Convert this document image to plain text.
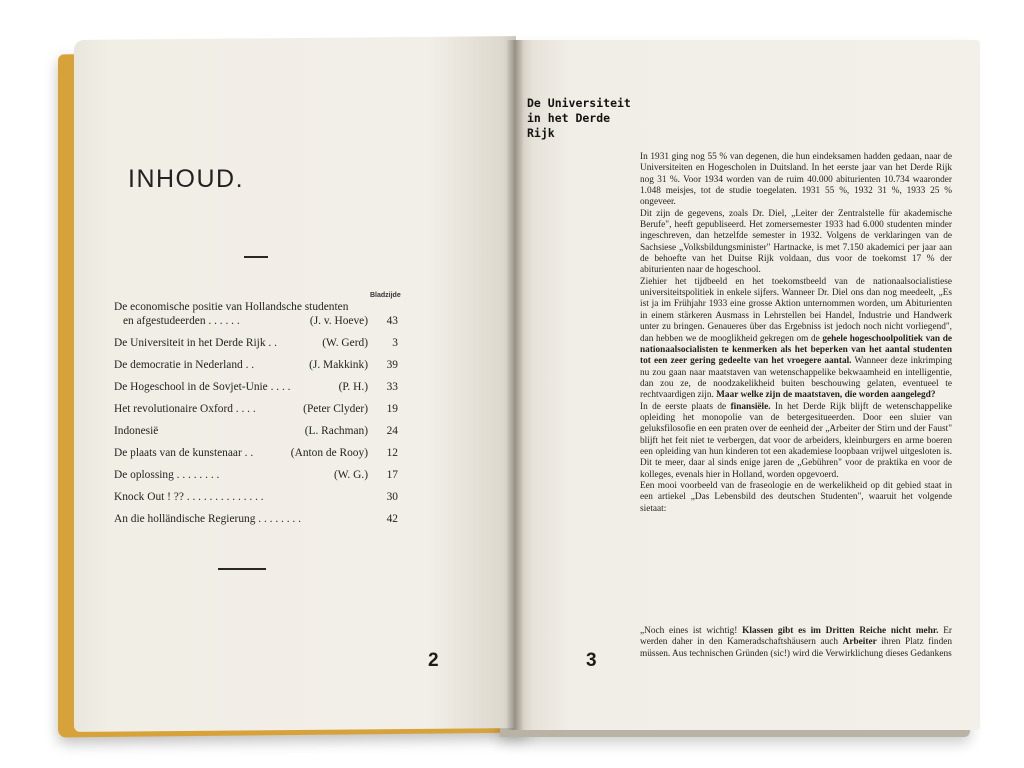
INHOUD.
Bladzijde
De economische positie van Hollandsche studenten
en afgestudeerden . . . . . .	(J. v. Hoeve)	43
De Universiteit in het Derde Rijk . .	(W. Gerd)	3
De democratie in Nederland . .	(J. Makkink)	39
De Hogeschool in de Sovjet-Unie . . . .	(P. H.)	33
Het revolutionaire Oxford . . . .	(Peter Clyder)	19
Indonesië	(L. Rachman)	24
De plaats van de kunstenaar . .	(Anton de Rooy)	12
De oplossing . . . . . . . .	(W. G.)	17
Knock Out ! ?? . . . . . . . . . . . . . .	30
An die holländische Regierung . . . . . . . .	42
2
De Universiteit
in het Derde
Rijk

In 1931 ging nog 55 % van degenen, die hun eindeksamen hadden gedaan, naar de Universiteiten en Hogescholen in Duitsland. In het eerste jaar van het Derde Rijk nog 31 %. Voor 1934 worden van de ruim 40.000 abiturienten 10.734 waaronder 1.048 meisjes, tot de studie toegelaten. 1931 55 %, 1932 31 %, 1933 25 % ongeveer.

Dit zijn de gegevens, zoals Dr. Diel, „Leiter der Zentralstelle für akademische Berufe", heeft gepubliseerd. Het zomersemester 1933 had 6.000 studenten minder ingeschreven, dan hetzelfde semester in 1932. Volgens de verklaringen van de Sachsiese „Volksbildungsminister" Hartnacke, is met 7.150 akademici per jaar aan de behoefte van het Duitse Rijk voldaan, dus voor de toekomst 17 % der abiturienten naar de hogeschool.

Ziehier het tijdbeeld en het toekomstbeeld van de nationaalsocialistiese universiteitspolitiek in enkele sijfers. Wanneer Dr. Diel ons dan nog meedeelt, „Es ist ja im Frühjahr 1933 eine grosse Aktion unternommen worden, um Abiturienten in einem stärkeren Ausmass in Lehrstellen bei Handel, Industrie und Handwerk unter zu bringen. Genaueres über das Ergebniss ist jedoch noch nicht vorliegend", dan hebben we de mooglikheid gekregen om de gehele hogeschoolpolitiek van de nationaalsocialisten te kenmerken als het beperken van het aantal studenten tot een zeer gering gedeelte van het vroegere aantal. Wanneer deze inkrimping nu zou gaan naar maatstaven van wetenschappelike bekwaamheid en intelligentie, dan zou ze, de noodzakelikheid buiten beschouwing gelaten, eventueel te rechtvaardigen zijn. Maar welke zijn de maatstaven, die worden aangelegd?

In de eerste plaats de finansiële. In het Derde Rijk blijft de wetenschappelike opleiding het monopolie van de betergesitueerden. Door een sluier van geluksfilosofie en een praten over de eenheid der „Arbeiter der Stirn und der Faust" blijft het feit niet te verbergen, dat voor de arbeiders, kleinburgers en arme boeren een opleiding van hun kinderen tot een akademiese loopbaan vrijwel uitgesloten is. Dit te meer, daar al sinds enige jaren de „Gebühren" voor de praktika en voor de kolleges, evenals hier in Holland, worden opgevoerd.

Een mooi voorbeeld van de fraseologie en de werkelikheid op dit gebied staat in een artiekel „Das Lebensbild des deutschen Studenten", waaruit het volgende sietaat:

„Noch eines ist wichtig! Klassen gibt es im Dritten Reiche nicht mehr. Er werden daher in den Kameradschaftshäusern auch Arbeiter ihren Platz finden müssen. Aus technischen Gründen (sic!) wird die Verwirklichung dieses Gedankens

3
